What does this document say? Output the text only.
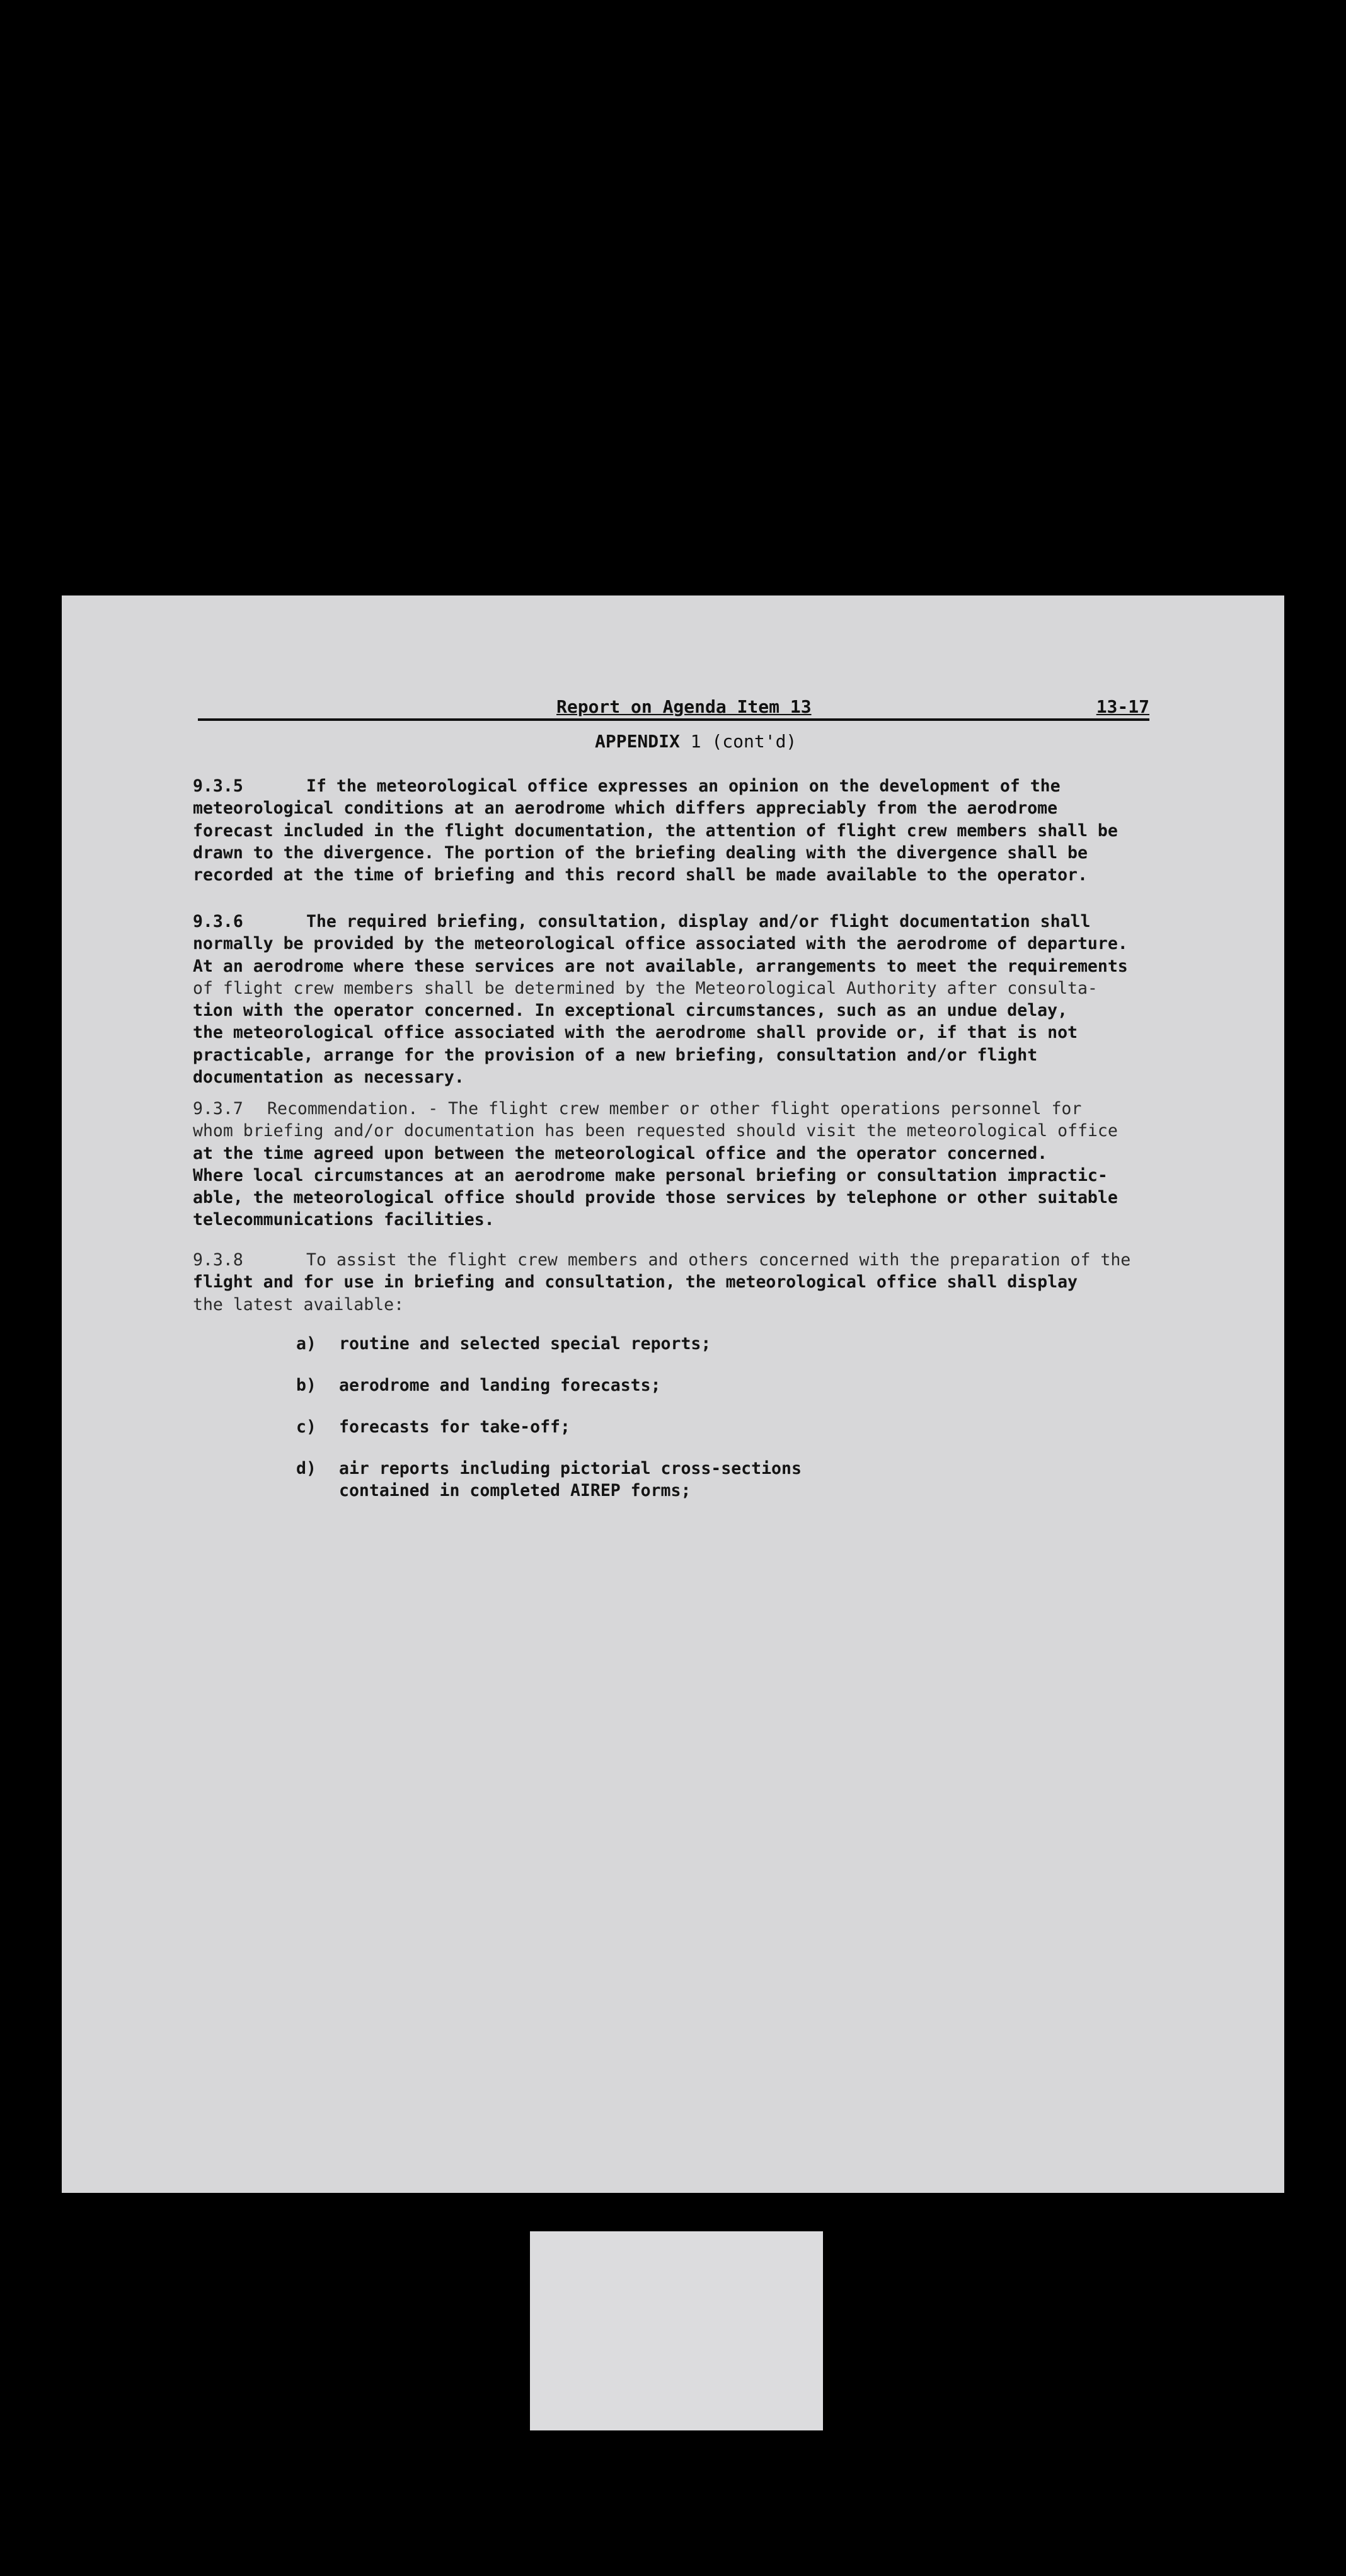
Report on Agenda Item 13	13-17
APPENDIX 1 (cont'd)
9.3.5	If the meteorological office expresses an opinion on the development of the
meteorological conditions at an aerodrome which differs appreciably from the aerodrome
forecast included in the flight documentation, the attention of flight crew members shall be
drawn to the divergence. The portion of the briefing dealing with the divergence shall be
recorded at the time of briefing and this record shall be made available to the operator.
9.3.6	The required briefing, consultation, display and/or flight documentation shall
normally be provided by the meteorological office associated with the aerodrome of departure.
At an aerodrome where these services are not available, arrangements to meet the requirements
of flight crew members shall be determined by the Meteorological Authority after consulta-
tion with the operator concerned. In exceptional circumstances, such as an undue delay,
the meteorological office associated with the aerodrome shall provide or, if that is not
practicable, arrange for the provision of a new briefing, consultation and/or flight
documentation as necessary.
9.3.7 Recommendation. - The flight crew member or other flight operations personnel for
whom briefing and/or documentation has been requested should visit the meteorological office
at the time agreed upon between the meteorological office and the operator concerned.
Where local circumstances at an aerodrome make personal briefing or consultation impractic-
able, the meteorological office should provide those services by telephone or other suitable
telecommunications facilities.
9.3.8	To assist the flight crew members and others concerned with the preparation of the
flight and for use in briefing and consultation, the meteorological office shall display
the latest available:
a) routine and selected special reports;
b) aerodrome and landing forecasts;
c) forecasts for take-off;
d) air reports including pictorial cross-sections
contained in completed AIREP forms;
